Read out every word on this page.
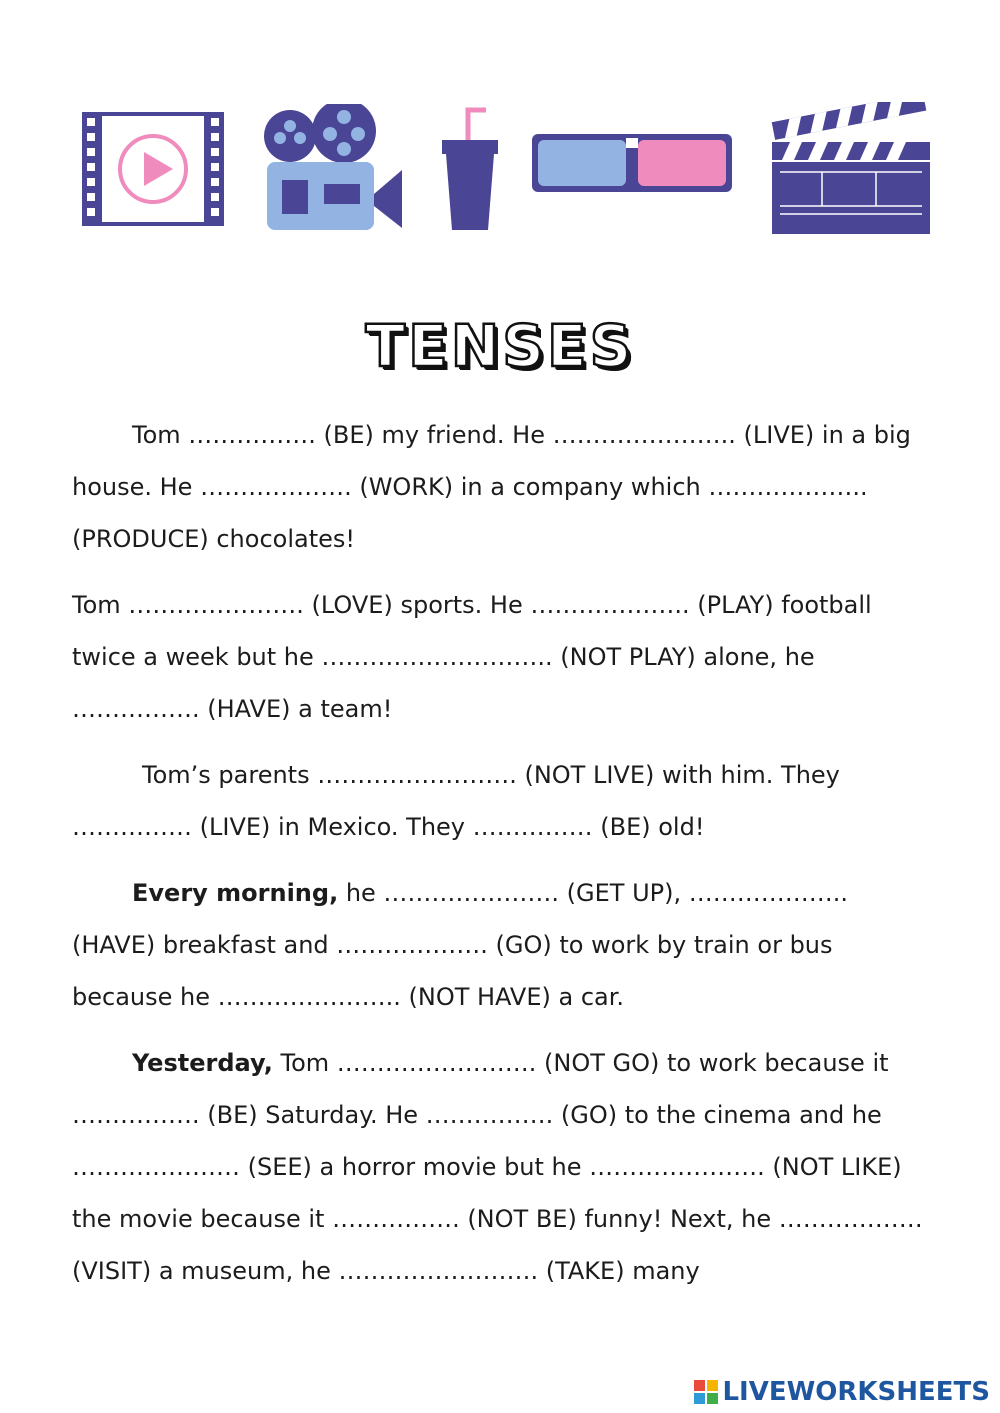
TENSES

Tom ……………. (BE) my friend. He ………………….. (LIVE) in a big house. He ………………. (WORK) in a company which ……………….. (PRODUCE) chocolates!

Tom …………………. (LOVE) sports. He ……………….. (PLAY) football twice a week but he ……………………….. (NOT PLAY) alone, he ……………. (HAVE) a team!

Tom’s parents ……………………. (NOT LIVE) with him. They …………… (LIVE) in Mexico. They …………… (BE) old!

Every morning, he …………………. (GET UP), ……………….. (HAVE) breakfast and ………………. (GO) to work by train or bus because he ………………….. (NOT HAVE) a car.

Yesterday, Tom ……………………. (NOT GO) to work because it ……………. (BE) Saturday. He ……………. (GO) to the cinema and he ………………… (SEE) a horror movie but he …………………. (NOT LIKE) the movie because it ……………. (NOT BE) funny! Next, he ……………… (VISIT) a museum, he ……………………. (TAKE) many

LIVEWORKSHEETS
